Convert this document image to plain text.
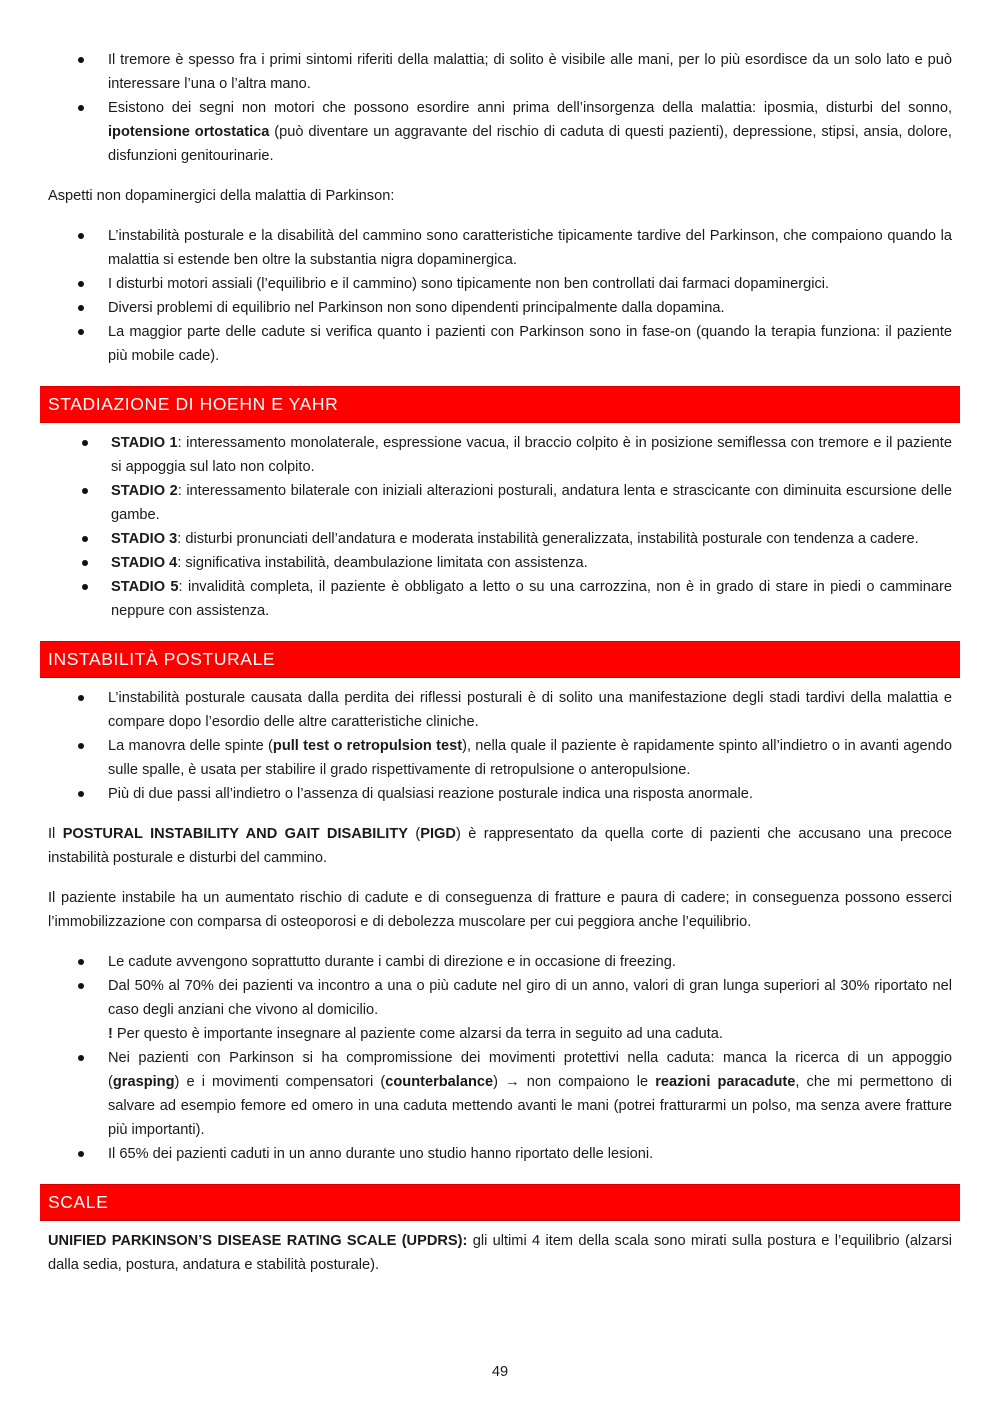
Il tremore è spesso fra i primi sintomi riferiti della malattia; di solito è visibile alle mani, per lo più esordisce da un solo lato e può interessare l’una o l’altra mano.
Esistono dei segni non motori che possono esordire anni prima dell’insorgenza della malattia: iposmia, disturbi del sonno, ipotensione ortostatica (può diventare un aggravante del rischio di caduta di questi pazienti), depressione, stipsi, ansia, dolore, disfunzioni genitourinarie.

Aspetti non dopaminergici della malattia di Parkinson:

L’instabilità posturale e la disabilità del cammino sono caratteristiche tipicamente tardive del Parkinson, che compaiono quando la malattia si estende ben oltre la substantia nigra dopaminergica.
I disturbi motori assiali (l’equilibrio e il cammino) sono tipicamente non ben controllati dai farmaci dopaminergici.
Diversi problemi di equilibrio nel Parkinson non sono dipendenti principalmente dalla dopamina.
La maggior parte delle cadute si verifica quanto i pazienti con Parkinson sono in fase-on (quando la terapia funziona: il paziente più mobile cade).
STADIAZIONE DI HOEHN E YAHR
STADIO 1: interessamento monolaterale, espressione vacua, il braccio colpito è in posizione semiflessa con tremore e il paziente si appoggia sul lato non colpito.
STADIO 2: interessamento bilaterale con iniziali alterazioni posturali, andatura lenta e strascicante con diminuita escursione delle gambe.
STADIO 3: disturbi pronunciati dell’andatura e moderata instabilità generalizzata, instabilità posturale con tendenza a cadere.
STADIO 4: significativa instabilità, deambulazione limitata con assistenza.
STADIO 5: invalidità completa, il paziente è obbligato a letto o su una carrozzina, non è in grado di stare in piedi o camminare neppure con assistenza.
INSTABILITÀ POSTURALE
L’instabilità posturale causata dalla perdita dei riflessi posturali è di solito una manifestazione degli stadi tardivi della malattia e compare dopo l’esordio delle altre caratteristiche cliniche.
La manovra delle spinte (pull test o retropulsion test), nella quale il paziente è rapidamente spinto all’indietro o in avanti agendo sulle spalle, è usata per stabilire il grado rispettivamente di retropulsione o anteropulsione.
Più di due passi all’indietro o l’assenza di qualsiasi reazione posturale indica una risposta anormale.

Il POSTURAL INSTABILITY AND GAIT DISABILITY (PIGD) è rappresentato da quella corte di pazienti che accusano una precoce instabilità posturale e disturbi del cammino.

Il paziente instabile ha un aumentato rischio di cadute e di conseguenza di fratture e paura di cadere; in conseguenza possono esserci l’immobilizzazione con comparsa di osteoporosi e di debolezza muscolare per cui peggiora anche l’equilibrio.

Le cadute avvengono soprattutto durante i cambi di direzione e in occasione di freezing.
Dal 50% al 70% dei pazienti va incontro a una o più cadute nel giro di un anno, valori di gran lunga superiori al 30% riportato nel caso degli anziani che vivono al domicilio.
! Per questo è importante insegnare al paziente come alzarsi da terra in seguito ad una caduta.
Nei pazienti con Parkinson si ha compromissione dei movimenti protettivi nella caduta: manca la ricerca di un appoggio (grasping) e i movimenti compensatori (counterbalance) → non compaiono le reazioni paracadute, che mi permettono di salvare ad esempio femore ed omero in una caduta mettendo avanti le mani (potrei fratturarmi un polso, ma senza avere fratture più importanti).
Il 65% dei pazienti caduti in un anno durante uno studio hanno riportato delle lesioni.
SCALE

UNIFIED PARKINSON’S DISEASE RATING SCALE (UPDRS): gli ultimi 4 item della scala sono mirati sulla postura e l’equilibrio (alzarsi dalla sedia, postura, andatura e stabilità posturale).

49
